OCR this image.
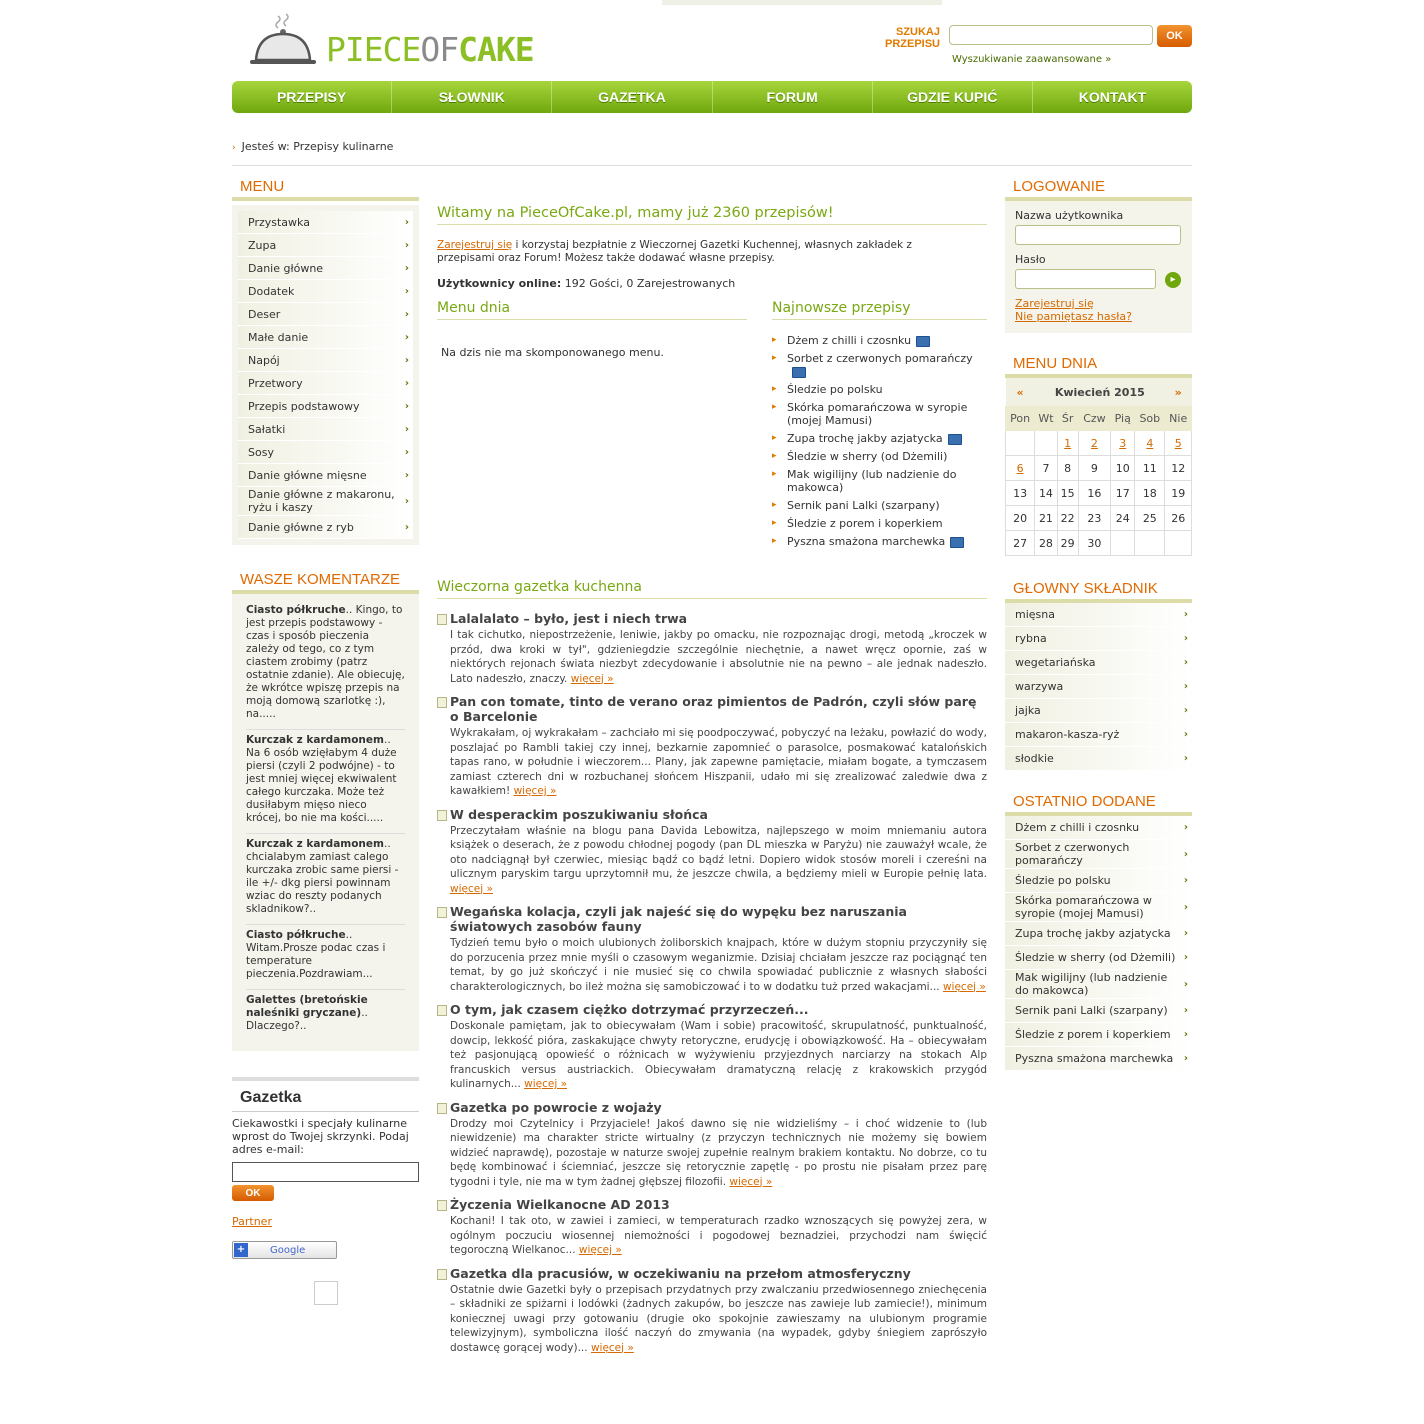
PIECEOFCAKE	SZUKAJ
PRZEPISU
OK
Wyszukiwanie zaawansowane »
PRZEPISY	SŁOWNIK	GAZETKA	FORUM	GDZIE KUPIĆ	KONTAKT
› Jesteś w: Przepisy kulinarne
MENU
Przystawka	›
Zupa	›
Danie główne	›
Dodatek	›
Deser	›
Małe danie	›
Napój	›
Przetwory	›
Przepis podstawowy	›
Sałatki	›
Sosy	›
Danie główne mięsne	›
Danie główne z makaronu, ryżu i kaszy	›
Danie główne z ryb	›
WASZE KOMENTARZE
Ciasto półkruche.. Kingo, to jest przepis podstawowy - czas i sposób pieczenia zależy od tego, co z tym ciastem zrobimy (patrz ostatnie zdanie). Ale obiecuję, że wkrótce wpiszę przepis na moją domową szarlotkę :), na.....
Kurczak z kardamonem.. Na 6 osób wzięłabym 4 duże piersi (czyli 2 podwójne) - to jest mniej więcej ekwiwalent całego kurczaka. Może też dusiłabym mięso nieco krócej, bo nie ma kości.....
Kurczak z kardamonem.. chcialabym zamiast calego kurczaka zrobic same piersi - ile +/- dkg piersi powinnam wziac do reszty podanych skladnikow?..
Ciasto półkruche.. Witam.Prosze podac czas i temperature pieczenia.Pozdrawiam...
Galettes (bretońskie naleśniki gryczane).. Dlaczego?..
Gazetka
Ciekawostki i specjały kulinarne wprost do Twojej skrzynki. Podaj adres e-mail:
OK
Partner
+ Google
Witamy na PieceOfCake.pl, mamy już 2360 przepisów!
Zarejestruj się i korzystaj bezpłatnie z Wieczornej Gazetki Kuchennej, własnych zakładek z przepisami oraz Forum! Możesz także dodawać własne przepisy.
Użytkownicy online: 192 Gości, 0 Zarejestrowanych
Menu dnia
Na dzis nie ma skomponowanego menu.
Najnowsze przepisy
▸ Dżem z chilli i czosnku
▸ Sorbet z czerwonych pomarańczy
▸ Śledzie po polsku
▸ Skórka pomarańczowa w syropie (mojej Mamusi)
▸ Zupa trochę jakby azjatycka
▸ Śledzie w sherry (od Dżemili)
▸ Mak wigilijny (lub nadzienie do makowca)
▸ Sernik pani Lalki (szarpany)
▸ Śledzie z porem i koperkiem
▸ Pyszna smażona marchewka
Wieczorna gazetka kuchenna
Lalalalato – było, jest i niech trwa
I tak cichutko, niepostrzeżenie, leniwie, jakby po omacku, nie rozpoznając drogi, metodą „kroczek w przód, dwa kroki w tył", gdzieniegdzie szczególnie niechętnie, a nawet wręcz opornie, zaś w niektórych rejonach świata niezbyt zdecydowanie i absolutnie nie na pewno – ale jednak nadeszło. Lato nadeszło, znaczy. więcej »
Pan con tomate, tinto de verano oraz pimientos de Padrón, czyli słów parę o Barcelonie
Wykrakałam, oj wykrakałam – zachciało mi się poodpoczywać, pobyczyć na leżaku, powłazić do wody, poszlajać po Rambli takiej czy innej, bezkarnie zapomnieć o parasolce, posmakować katalońskich tapas rano, w południe i wieczorem... Plany, jak zapewne pamiętacie, miałam bogate, a tymczasem zamiast czterech dni w rozbuchanej słońcem Hiszpanii, udało mi się zrealizować zaledwie dwa z kawałkiem! więcej »
W desperackim poszukiwaniu słońca
Przeczytałam właśnie na blogu pana Davida Lebowitza, najlepszego w moim mniemaniu autora książek o deserach, że z powodu chłodnej pogody (pan DL mieszka w Paryżu) nie zauważył wcale, że oto nadciągnął był czerwiec, miesiąc bądź co bądź letni. Dopiero widok stosów moreli i czereśni na ulicznym paryskim targu uprzytomnił mu, że jeszcze chwila, a będziemy mieli w Europie pełnię lata. więcej »
Wegańska kolacja, czyli jak najeść się do wypęku bez naruszania światowych zasobów fauny
Tydzień temu było o moich ulubionych żoliborskich knajpach, które w dużym stopniu przyczyniły się do porzucenia przez mnie myśli o czasowym weganizmie. Dzisiaj chciałam jeszcze raz pociągnąć ten temat, by go już skończyć i nie musieć się co chwila spowiadać publicznie z własnych słabości charakterologicznych, bo ileż można się samobiczować i to w dodatku tuż przed wakacjami... więcej »
O tym, jak czasem ciężko dotrzymać przyrzeczeń...
Doskonale pamiętam, jak to obiecywałam (Wam i sobie) pracowitość, skrupulatność, punktualność, dowcip, lekkość pióra, zaskakujące chwyty retoryczne, erudycję i obowiązkowość. Ha – obiecywałam też pasjonującą opowieść o różnicach w wyżywieniu przyjezdnych narciarzy na stokach Alp francuskich versus austriackich. Obiecywałam dramatyczną relację z krakowskich przygód kulinarnych... więcej »
Gazetka po powrocie z wojaży
Drodzy moi Czytelnicy i Przyjaciele! Jakoś dawno się nie widzieliśmy – i choć widzenie to (lub niewidzenie) ma charakter stricte wirtualny (z przyczyn technicznych nie możemy się bowiem widzieć naprawdę), pozostaje w naturze swojej zupełnie realnym brakiem kontaktu. No dobrze, co tu będę kombinować i ściemniać, jeszcze się retorycznie zapętlę - po prostu nie pisałam przez parę tygodni i tyle, nie ma w tym żadnej głębszej filozofii. więcej »
Życzenia Wielkanocne AD 2013
Kochani! I tak oto, w zawiei i zamieci, w temperaturach rzadko wznoszących się powyżej zera, w ogólnym poczuciu wiosennej niemożności i pogodowej beznadziei, przychodzi nam święcić tegoroczną Wielkanoc... więcej »
Gazetka dla pracusiów, w oczekiwaniu na przełom atmosferyczny
Ostatnie dwie Gazetki były o przepisach przydatnych przy zwalczaniu przedwiosennego zniechęcenia – składniki ze spiżarni i lodówki (żadnych zakupów, bo jeszcze nas zawieje lub zamiecie!), minimum koniecznej uwagi przy gotowaniu (drugie oko spokojnie zawieszamy na ulubionym programie telewizyjnym), symboliczna ilość naczyń do zmywania (na wypadek, gdyby śniegiem zaprószyło dostawcę gorącej wody)... więcej »
LOGOWANIE
Nazwa użytkownika
Hasło
▸
Zarejestruj się
Nie pamiętasz hasła?
MENU DNIA
«	Kwiecień 2015					»
Pon	Wt	Śr	Czw	Pią	Sob	Nie
		1	2	3	4	5
6	7	8	9	10	11	12
13	14	15	16	17	18	19
20	21	22	23	24	25	26
27	28	29	30			
GŁOWNY SKŁADNIK
mięsna	›
rybna	›
wegetariańska	›
warzywa	›
jajka	›
makaron-kasza-ryż	›
słodkie	›
OSTATNIO DODANE
Dżem z chilli i czosnku	›
Sorbet z czerwonych pomarańczy	›
Śledzie po polsku	›
Skórka pomarańczowa w syropie (mojej Mamusi)	›
Zupa trochę jakby azjatycka ›
Śledzie w sherry (od Dżemili) ›
Mak wigilijny (lub nadzienie do makowca)	›
Sernik pani Lalki (szarpany) ›
Śledzie z porem i koperkiem ›
Pyszna smażona marchewka ›
